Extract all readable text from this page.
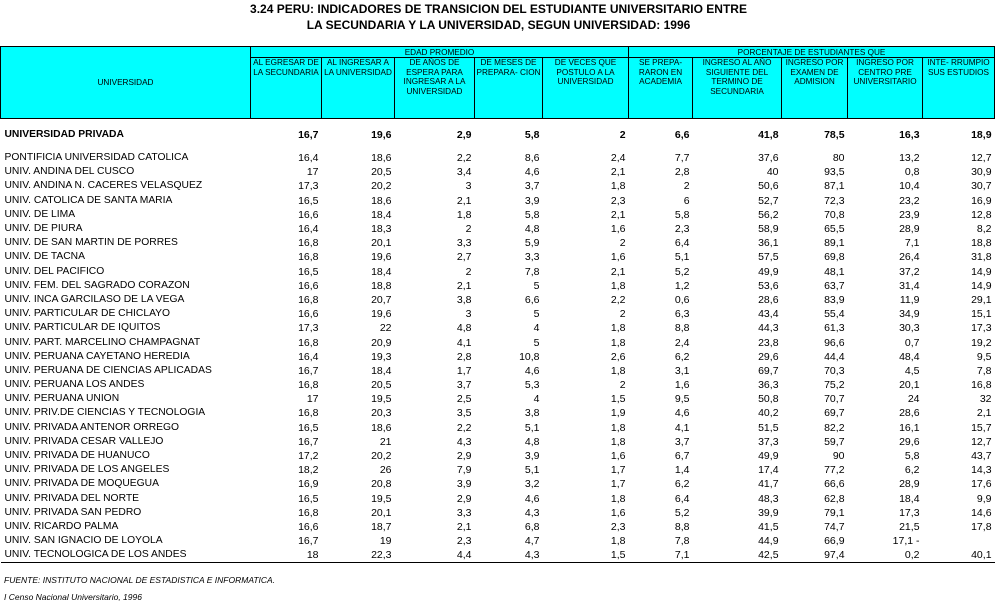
3.24 PERU: INDICADORES DE TRANSICION DEL ESTUDIANTE UNIVERSITARIO ENTRE
LA SECUNDARIA Y LA UNIVERSIDAD, SEGUN UNIVERSIDAD: 1996
UNIVERSIDAD	EDAD PROMEDIO					PORCENTAJE DE ESTUDIANTES QUE				
	AL EGRESAR DE LA SECUNDARIA	AL INGRESAR A LA UNIVERSIDAD	DE AÑOS DE ESPERA PARA INGRESAR A LA UNIVERSIDAD	DE MESES DE PREPARA- CION	DE VECES QUE POSTULO A LA UNIVERSIDAD	SE PREPA- RARON EN ACADEMIA	INGRESO AL AÑO SIGUIENTE DEL TERMINO DE SECUNDARIA	INGRESO POR EXAMEN DE ADMISION	INGRESO POR CENTRO PRE UNIVERSITARIO	INTE- RRUMPIO SUS ESTUDIOS

UNIVERSIDAD PRIVADA	16,7	19,6	2,9	5,8	2	6,6	41,8	78,5	16,3	18,9

PONTIFICIA UNIVERSIDAD CATOLICA	16,4	18,6	2,2	8,6	2,4	7,7	37,6	80	13,2	12,7
UNIV. ANDINA DEL CUSCO	17	20,5	3,4	4,6	2,1	2,8	40	93,5	0,8	30,9
UNIV. ANDINA N. CACERES VELASQUEZ	17,3	20,2	3	3,7	1,8	2	50,6	87,1	10,4	30,7
UNIV. CATOLICA DE SANTA MARIA	16,5	18,6	2,1	3,9	2,3	6	52,7	72,3	23,2	16,9
UNIV. DE LIMA	16,6	18,4	1,8	5,8	2,1	5,8	56,2	70,8	23,9	12,8
UNIV. DE PIURA	16,4	18,3	2	4,8	1,6	2,3	58,9	65,5	28,9	8,2
UNIV. DE SAN MARTIN DE PORRES	16,8	20,1	3,3	5,9	2	6,4	36,1	89,1	7,1	18,8
UNIV. DE TACNA	16,8	19,6	2,7	3,3	1,6	5,1	57,5	69,8	26,4	31,8
UNIV. DEL PACIFICO	16,5	18,4	2	7,8	2,1	5,2	49,9	48,1	37,2	14,9
UNIV. FEM. DEL SAGRADO CORAZON	16,6	18,8	2,1	5	1,8	1,2	53,6	63,7	31,4	14,9
UNIV. INCA GARCILASO DE LA VEGA	16,8	20,7	3,8	6,6	2,2	0,6	28,6	83,9	11,9	29,1
UNIV. PARTICULAR DE CHICLAYO	16,6	19,6	3	5	2	6,3	43,4	55,4	34,9	15,1
UNIV. PARTICULAR DE IQUITOS	17,3	22	4,8	4	1,8	8,8	44,3	61,3	30,3	17,3
UNIV. PART. MARCELINO CHAMPAGNAT	16,8	20,9	4,1	5	1,8	2,4	23,8	96,6	0,7	19,2
UNIV. PERUANA CAYETANO HEREDIA	16,4	19,3	2,8	10,8	2,6	6,2	29,6	44,4	48,4	9,5
UNIV. PERUANA DE CIENCIAS APLICADAS	16,7	18,4	1,7	4,6	1,8	3,1	69,7	70,3	4,5	7,8
UNIV. PERUANA LOS ANDES	16,8	20,5	3,7	5,3	2	1,6	36,3	75,2	20,1	16,8
UNIV. PERUANA UNION	17	19,5	2,5	4	1,5	9,5	50,8	70,7	24	32
UNIV. PRIV.DE CIENCIAS Y TECNOLOGIA	16,8	20,3	3,5	3,8	1,9	4,6	40,2	69,7	28,6	2,1
UNIV. PRIVADA ANTENOR ORREGO	16,5	18,6	2,2	5,1	1,8	4,1	51,5	82,2	16,1	15,7
UNIV. PRIVADA CESAR VALLEJO	16,7	21	4,3	4,8	1,8	3,7	37,3	59,7	29,6	12,7
UNIV. PRIVADA DE HUANUCO	17,2	20,2	2,9	3,9	1,6	6,7	49,9	90	5,8	43,7
UNIV. PRIVADA DE LOS ANGELES	18,2	26	7,9	5,1	1,7	1,4	17,4	77,2	6,2	14,3
UNIV. PRIVADA DE MOQUEGUA	16,9	20,8	3,9	3,2	1,7	6,2	41,7	66,6	28,9	17,6
UNIV. PRIVADA DEL NORTE	16,5	19,5	2,9	4,6	1,8	6,4	48,3	62,8	18,4	9,9
UNIV. PRIVADA SAN PEDRO	16,8	20,1	3,3	4,3	1,6	5,2	39,9	79,1	17,3	14,6
UNIV. RICARDO PALMA	16,6	18,7	2,1	6,8	2,3	8,8	41,5	74,7	21,5	17,8
UNIV. SAN IGNACIO DE LOYOLA	16,7	19	2,3	4,7	1,8	7,8	44,9	66,9	17,1 -	
UNIV. TECNOLOGICA DE LOS ANDES	18	22,3	4,4	4,3	1,5	7,1	42,5	97,4	0,2	40,1
FUENTE: INSTITUTO NACIONAL DE ESTADISTICA E INFORMATICA.
I Censo Nacional Universitario, 1996
